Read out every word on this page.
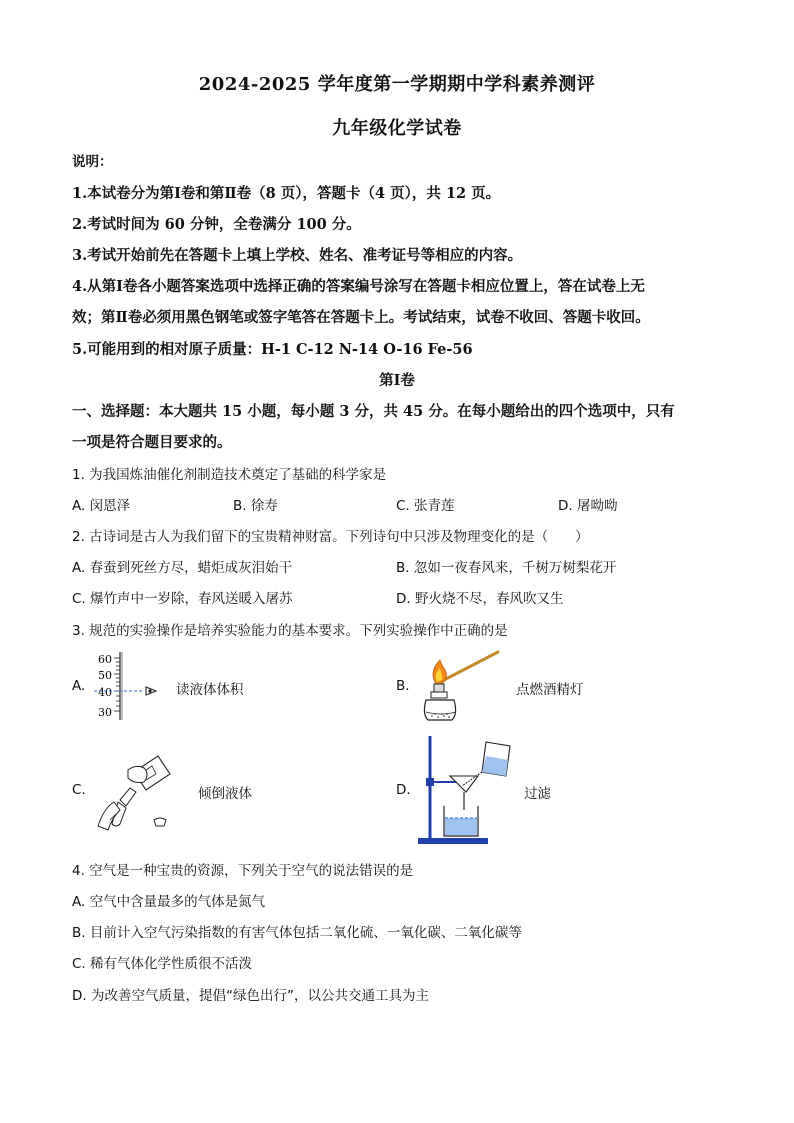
2024-2025 学年度第一学期期中学科素养测评
九年级化学试卷
说明：
1.本试卷分为第Ⅰ卷和第Ⅱ卷（8 页），答题卡（4 页），共 12 页。
2.考试时间为 60 分钟，全卷满分 100 分。
3.考试开始前先在答题卡上填上学校、姓名、准考证号等相应的内容。
4.从第Ⅰ卷各小题答案选项中选择正确的答案编号涂写在答题卡相应位置上，答在试卷上无
效；第Ⅱ卷必须用黑色钢笔或签字笔答在答题卡上。考试结束，试卷不收回、答题卡收回。
5.可能用到的相对原子质量：H-1 C-12 N-14 O-16 Fe-56
第Ⅰ卷
一、选择题：本大题共 15 小题，每小题 3 分，共 45 分。在每小题给出的四个选项中，只有
一项是符合题目要求的。
1. 为我国炼油催化剂制造技术奠定了基础的科学家是
A. 闵恩泽	B. 徐寿	C. 张青莲	D. 屠呦呦
2. 古诗词是古人为我们留下的宝贵精神财富。下列诗句中只涉及物理变化的是（　　）
A. 春蚕到死丝方尽，蜡炬成灰泪始干	B. 忽如一夜春风来，千树万树梨花开
C. 爆竹声中一岁除，春风送暖入屠苏	D. 野火烧不尽，春风吹又生
3. 规范的实验操作是培养实验能力的基本要求。下列实验操作中正确的是
A.
60
50
40
30
读液体体积	B.	点燃酒精灯
C.	倾倒液体	D.	过滤
4. 空气是一种宝贵的资源，下列关于空气的说法错误的是
A. 空气中含量最多的气体是氮气
B. 目前计入空气污染指数的有害气体包括二氧化硫、一氧化碳、二氧化碳等
C. 稀有气体化学性质很不活泼
D. 为改善空气质量，提倡“绿色出行”，以公共交通工具为主
